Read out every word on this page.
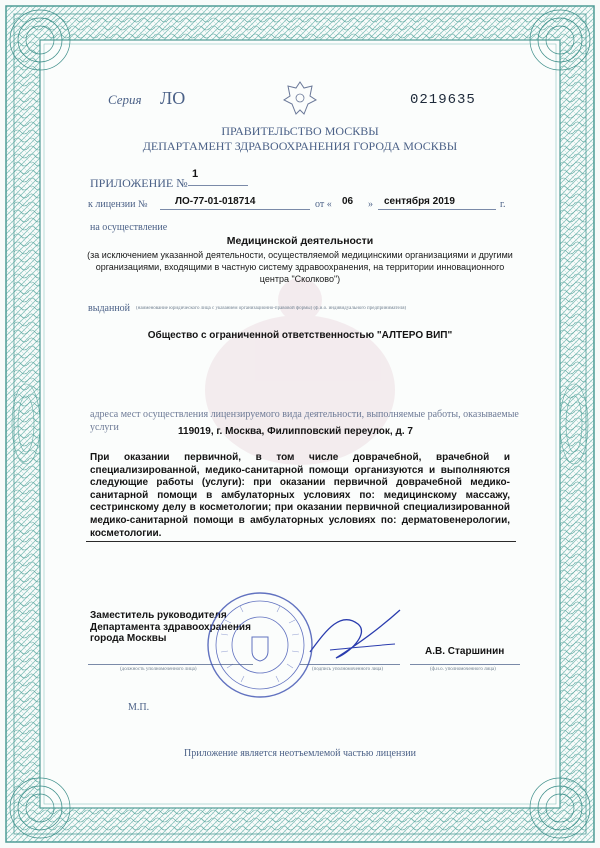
Серия ЛО	0219635
ПРАВИТЕЛЬСТВО МОСКВЫ
ДЕПАРТАМЕНТ ЗДРАВООХРАНЕНИЯ ГОРОДА МОСКВЫ
ПРИЛОЖЕНИЕ №
1
к лицензии №	ЛО-77-01-018714	от « 06 » сентября 2019	г.
на осуществление
Медицинской деятельности
(за исключением указанной деятельности, осуществляемой медицинскими организациями и другими организациями, входящими в частную систему здравоохранения, на территории инновационного центра "Сколково")
выданной (наименование юридического лица с указанием организационно-правовой формы) (ф.и.о. индивидуального предпринимателя)
Общество с ограниченной ответственностью "АЛТЕРО ВИП"
адреса мест осуществления лицензируемого вида деятельности, выполняемые работы, оказываемые услуги	119019, г. Москва, Филипповский переулок, д. 7
При оказании первичной, в том числе доврачебной, врачебной и специализированной, медико-санитарной помощи организуются и выполняются следующие работы (услуги): при оказании первичной доврачебной медико-санитарной помощи в амбулаторных условиях по: медицинскому массажу, сестринскому делу в косметологии; при оказании первичной специализированной медико-санитарной помощи в амбулаторных условиях по: дерматовенерологии, косметологии.
Заместитель руководителя Департамента здравоохранения города Москвы
(должность уполномоченного лица)	(подпись уполномоченного лица)
А.В. Старшинин
(ф.и.о. уполномоченного лица)
М.П.
Приложение является неотъемлемой частью лицензии
